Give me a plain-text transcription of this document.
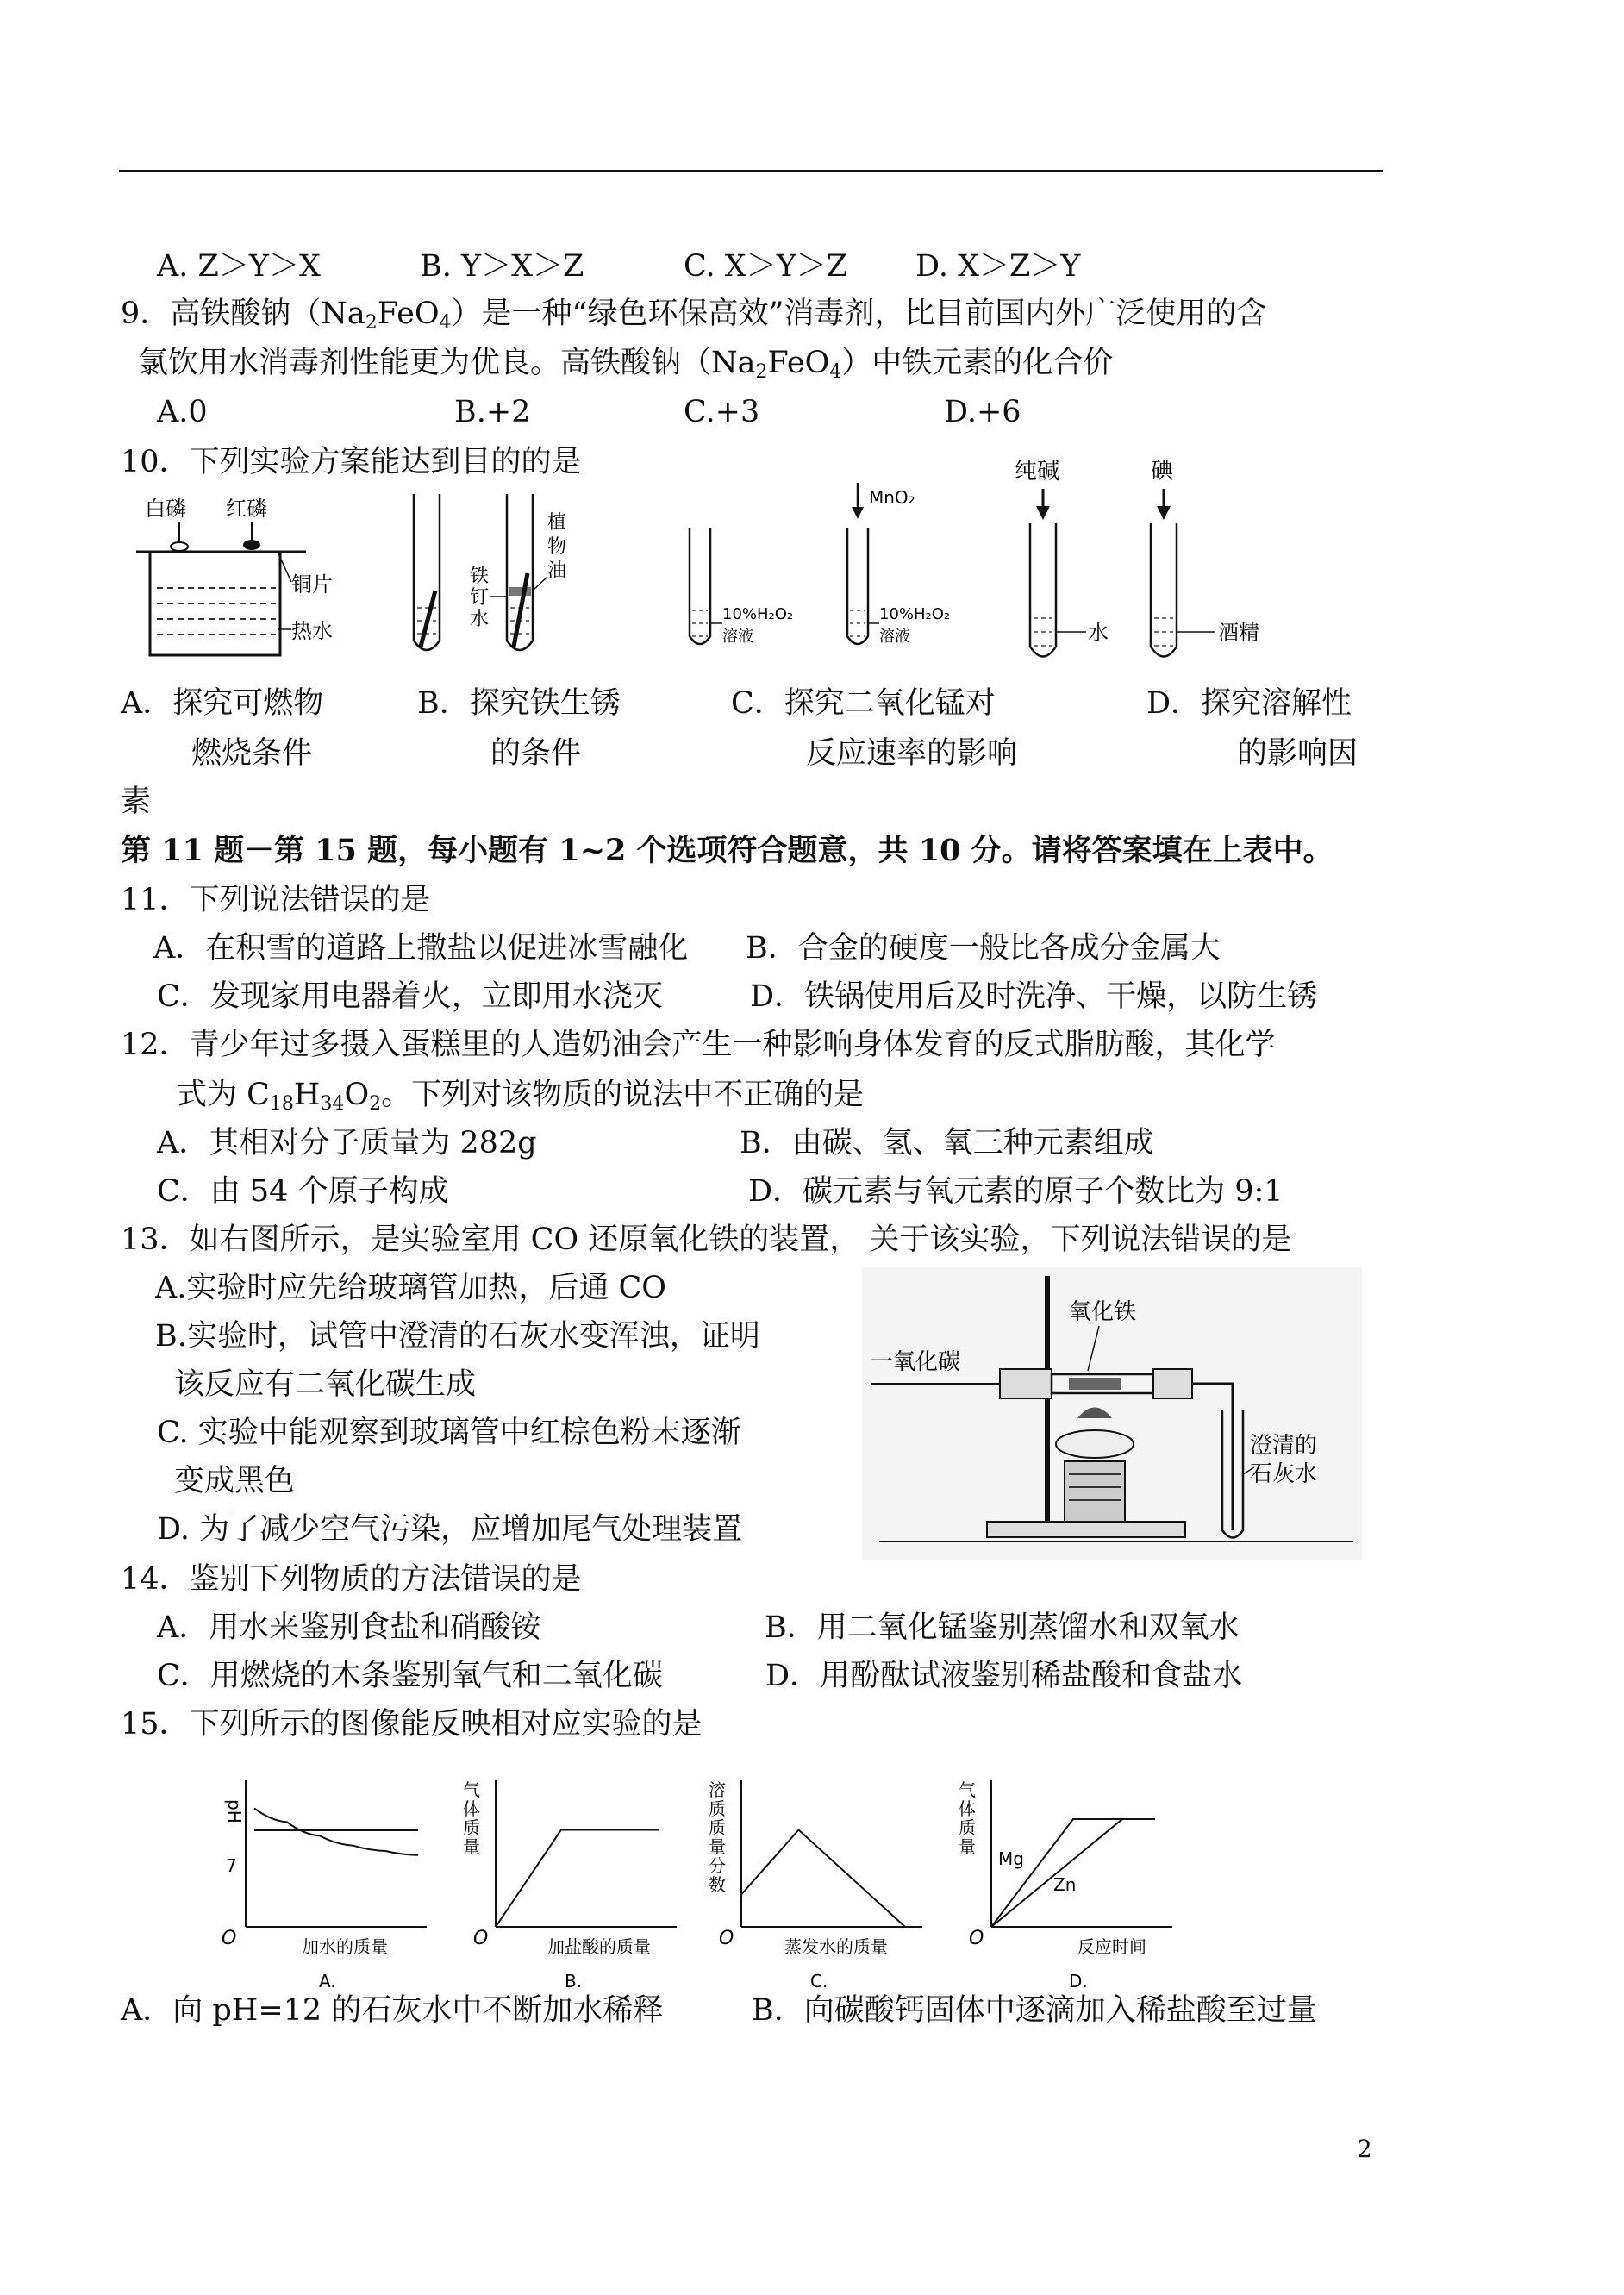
A. Z＞Y＞X	B. Y＞X＞Z	C. X＞Y＞Z D. X＞Z＞Y
9．高铁酸钠$(Na_2FeO_4)$是一种“绿色环保高效”消毒剂，比目前国内外广泛使用的含
氯饮用水消毒剂性能更为优良。高铁酸钠$(Na_2FeO_4)$中铁元素的化合价
A.0	B.+2	C.+3	D.+6
10．下列实验方案能达到目的的是
白磷 红磷
铜片
热水
铁
钉
水
植
物
油
10%H₂O₂
溶液
MnO₂
10%H₂O₂
溶液
纯碱	碘
水	酒精
A．探究可燃物
燃烧条件
B．探究铁生锈
的条件
C．探究二氧化锰对
反应速率的影响
D．探究溶解性
的影响因
素
第 11 题－第 15 题，每小题有 1~2 个选项符合题意，共 10 分。请将答案填在上表中。
11．下列说法错误的是
A．在积雪的道路上撒盐以促进冰雪融化 B．合金的硬度一般比各成分金属大
C．发现家用电器着火，立即用水浇灭	D．铁锅使用后及时洗净、干燥，以防生锈
12．青少年过多摄入蛋糕里的人造奶油会产生一种影响身体发育的反式脂肪酸，其化学
式为 $C_{18}H_{34}O_2$。下列对该物质的说法中不正确的是
A．其相对分子质量为 282g	B．由碳、氢、氧三种元素组成
C．由 54 个原子构成	D．碳元素与氧元素的原子个数比为 9:1
13．如右图所示，是实验室用 CO 还原氧化铁的装置， 关于该实验，下列说法错误的是
A.实验时应先给玻璃管加热，后通 CO
B.实验时，试管中澄清的石灰水变浑浊，证明
该反应有二氧化碳生成
C. 实验中能观察到玻璃管中红棕色粉末逐渐
变成黑色
D. 为了减少空气污染，应增加尾气处理装置
一氧化碳
氧化铁
澄清的
石灰水
14．鉴别下列物质的方法错误的是
A．用水来鉴别食盐和硝酸铵	B．用二氧化锰鉴别蒸馏水和双氧水
C．用燃烧的木条鉴别氧气和二氧化碳	D．用酚酞试液鉴别稀盐酸和食盐水
15．下列所示的图像能反映相对应实验的是
pH
7
O	加水的质量
A.
气
体
质
量
O	加盐酸的质量
B.
溶
质
质
量
分
数
O	蒸发水的质量
C.
气
体
质
量
O	反应时间
D.
Mg
Zn
A．向 pH=12 的石灰水中不断加水稀释	B．向碳酸钙固体中逐滴加入稀盐酸至过量
2
